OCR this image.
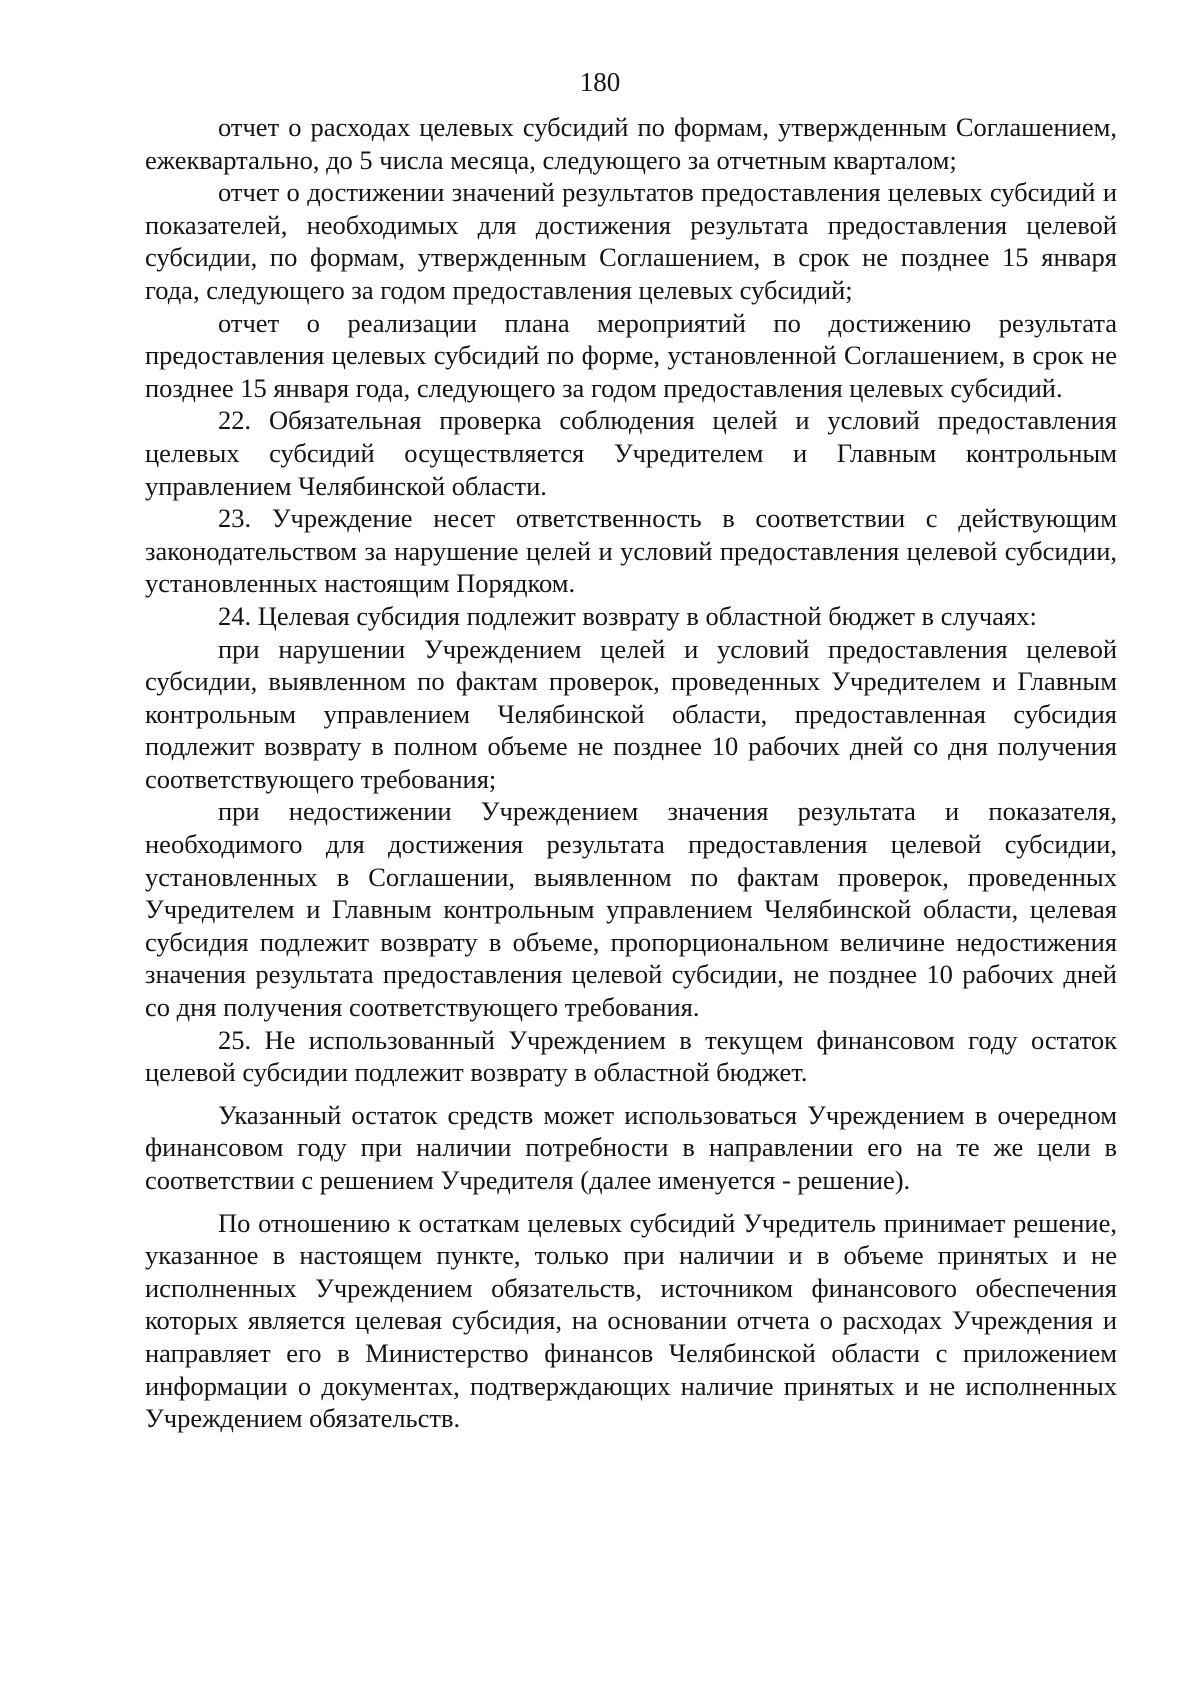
180

отчет о расходах целевых субсидий по формам, утвержденным Соглашением, ежеквартально, до 5 числа месяца, следующего за отчетным кварталом;

отчет о достижении значений результатов предоставления целевых субсидий и показателей, необходимых для достижения результата предоставления целевой субсидии, по формам, утвержденным Соглашением, в срок не позднее 15 января года, следующего за годом предоставления целевых субсидий;

отчет о реализации плана мероприятий по достижению результата предоставления целевых субсидий по форме, установленной Соглашением, в срок не позднее 15 января года, следующего за годом предоставления целевых субсидий.

22. Обязательная проверка соблюдения целей и условий предоставления целевых субсидий осуществляется Учредителем и Главным контрольным управлением Челябинской области.

23. Учреждение несет ответственность в соответствии с действующим законодательством за нарушение целей и условий предоставления целевой субсидии, установленных настоящим Порядком.

24. Целевая субсидия подлежит возврату в областной бюджет в случаях:

при нарушении Учреждением целей и условий предоставления целевой субсидии, выявленном по фактам проверок, проведенных Учредителем и Главным контрольным управлением Челябинской области, предоставленная субсидия подлежит возврату в полном объеме не позднее 10 рабочих дней со дня получения соответствующего требования;

при недостижении Учреждением значения результата и показателя, необходимого для достижения результата предоставления целевой субсидии, установленных в Соглашении, выявленном по фактам проверок, проведенных Учредителем и Главным контрольным управлением Челябинской области, целевая субсидия подлежит возврату в объеме, пропорциональном величине недостижения значения результата предоставления целевой субсидии, не позднее 10 рабочих дней со дня получения соответствующего требования.

25. Не использованный Учреждением в текущем финансовом году остаток целевой субсидии подлежит возврату в областной бюджет.

Указанный остаток средств может использоваться Учреждением в очередном финансовом году при наличии потребности в направлении его на те же цели в соответствии с решением Учредителя (далее именуется - решение).

По отношению к остаткам целевых субсидий Учредитель принимает решение, указанное в настоящем пункте, только при наличии и в объеме принятых и не исполненных Учреждением обязательств, источником финансового обеспечения которых является целевая субсидия, на основании отчета о расходах Учреждения и направляет его в Министерство финансов Челябинской области с приложением информации о документах, подтверждающих наличие принятых и не исполненных Учреждением обязательств.
